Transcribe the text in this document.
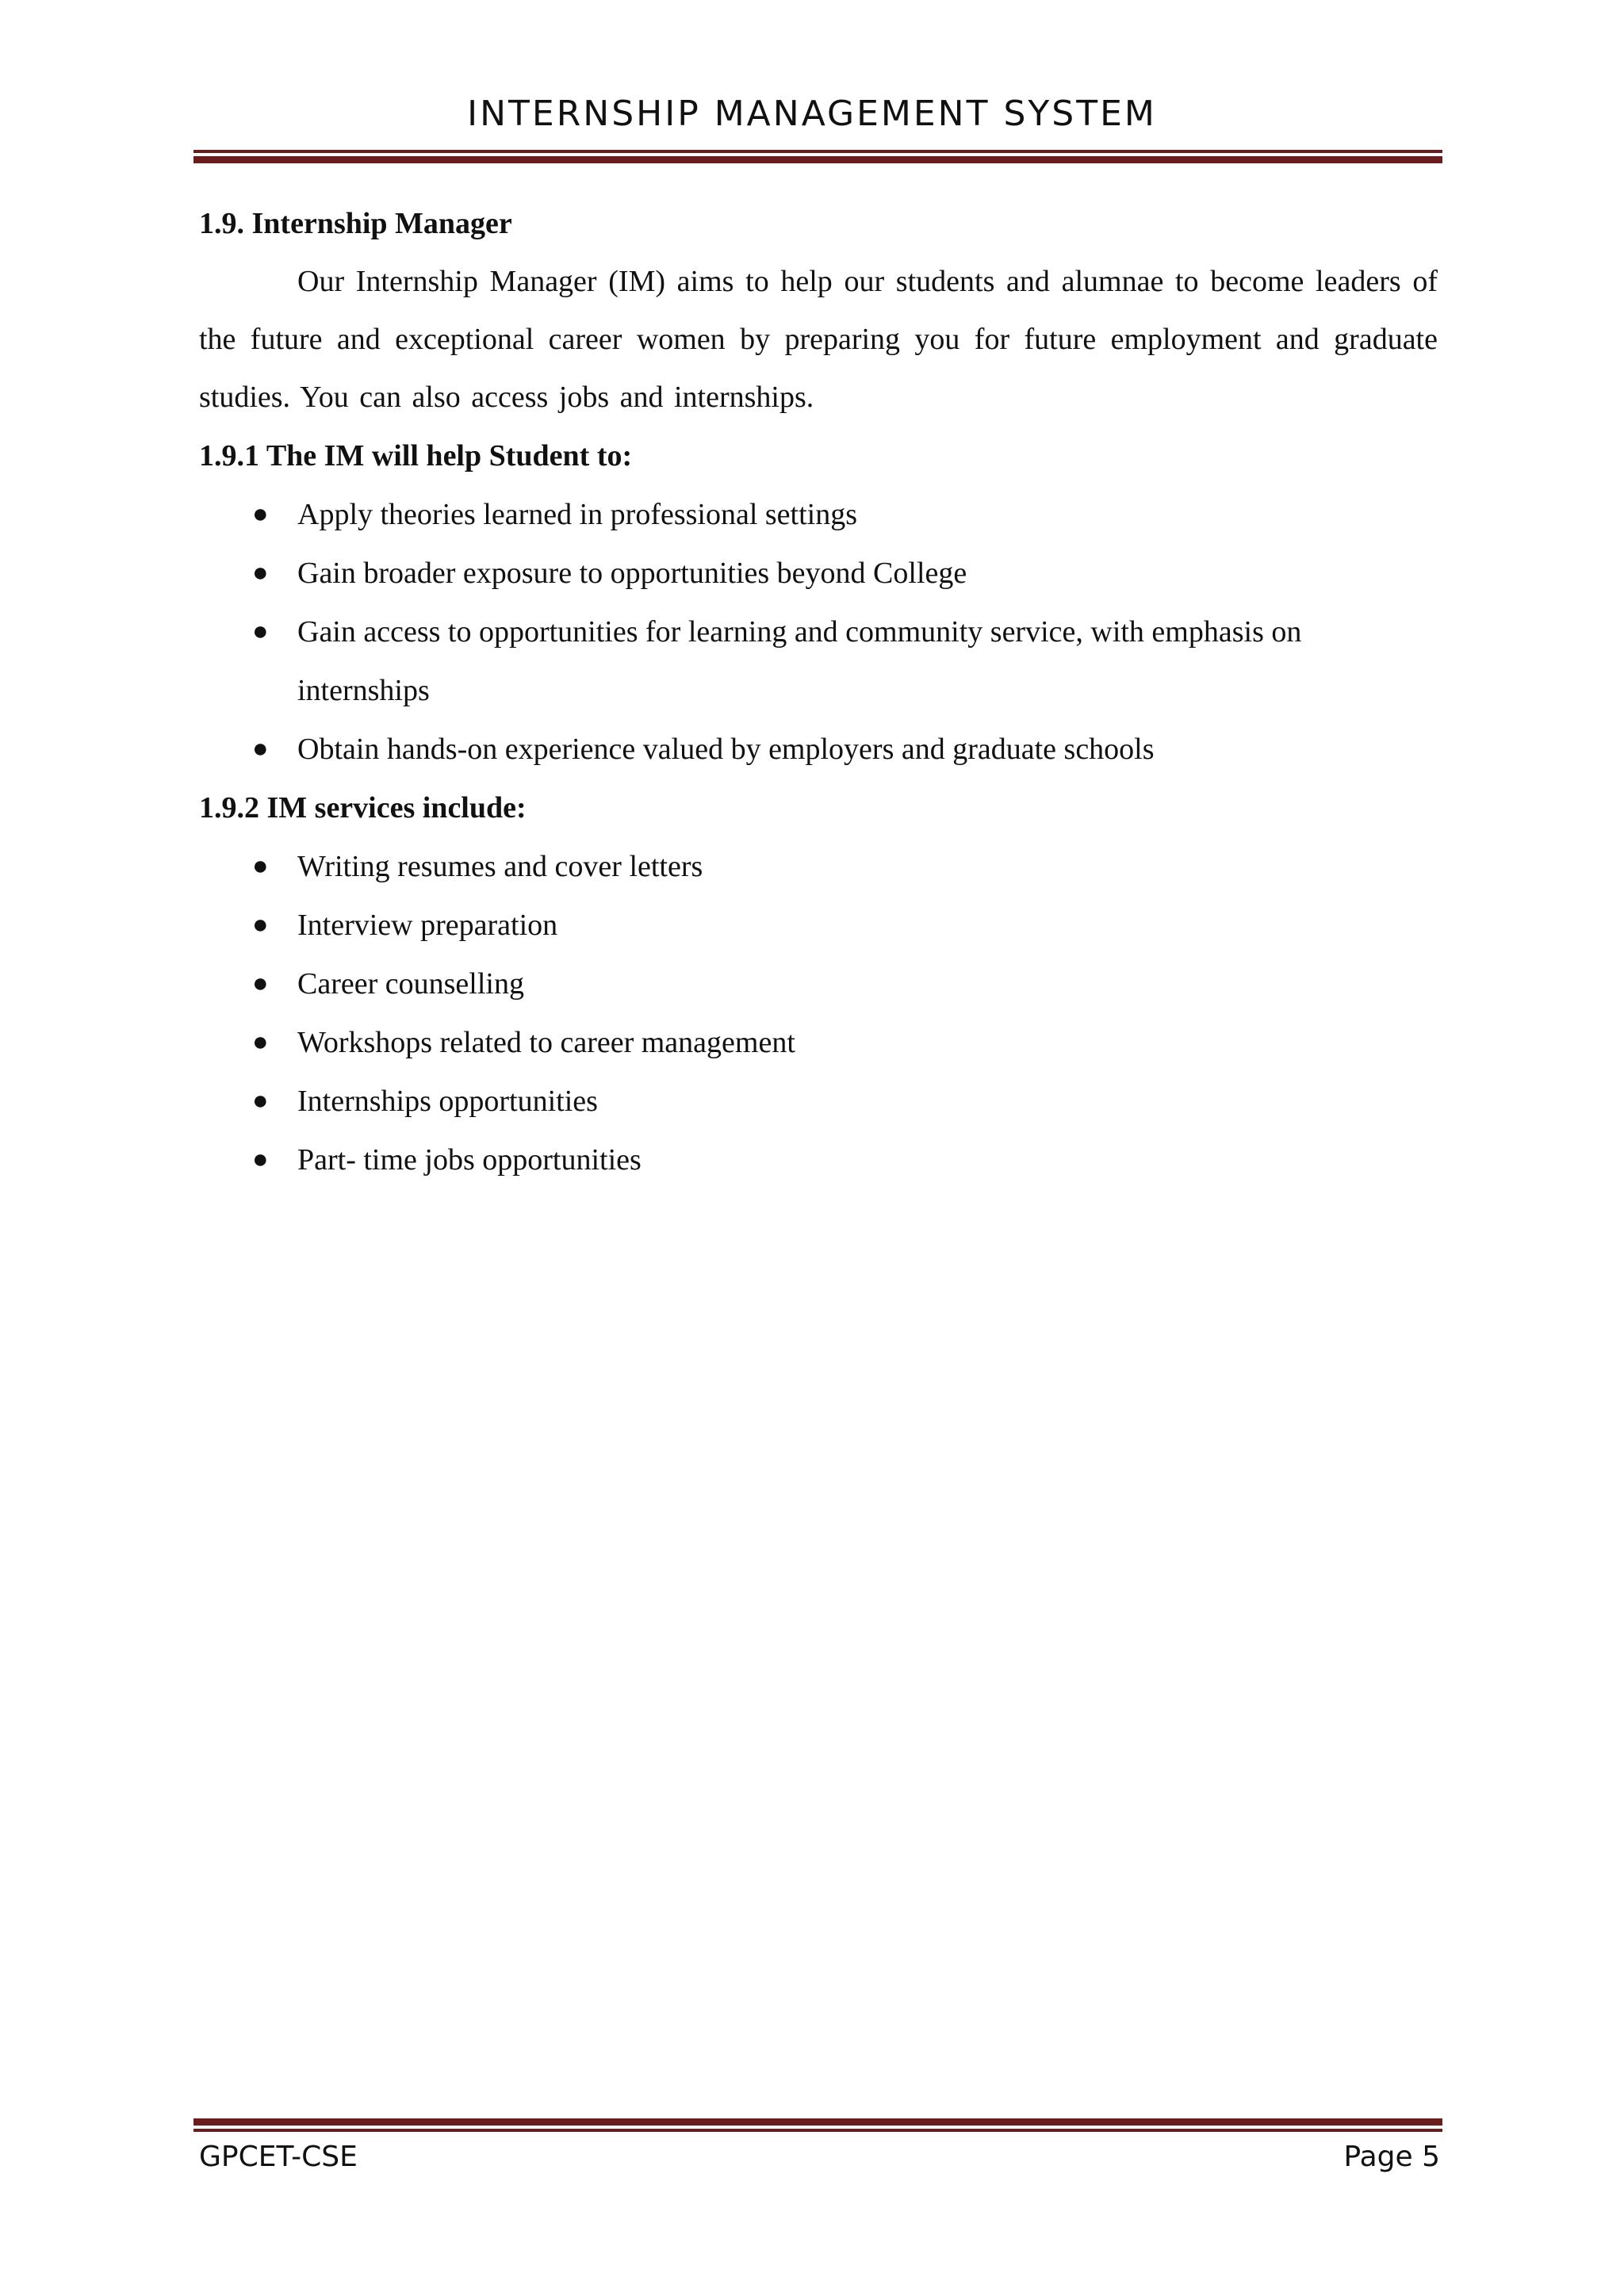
INTERNSHIP MANAGEMENT SYSTEM
1.9. Internship Manager

Our Internship Manager (IM) aims to help our students and alumnae to become leaders of the future and exceptional career women by preparing you for future employment and graduate studies. You can also access jobs and internships.

1.9.1 The IM will help Student to:
● Apply theories learned in professional settings
● Gain broader exposure to opportunities beyond College
● Gain access to opportunities for learning and community service, with emphasis on internships
● Obtain hands-on experience valued by employers and graduate schools
1.9.2 IM services include:
● Writing resumes and cover letters
● Interview preparation
● Career counselling
● Workshops related to career management
● Internships opportunities
● Part- time jobs opportunities
GPCET-CSE	Page 5
